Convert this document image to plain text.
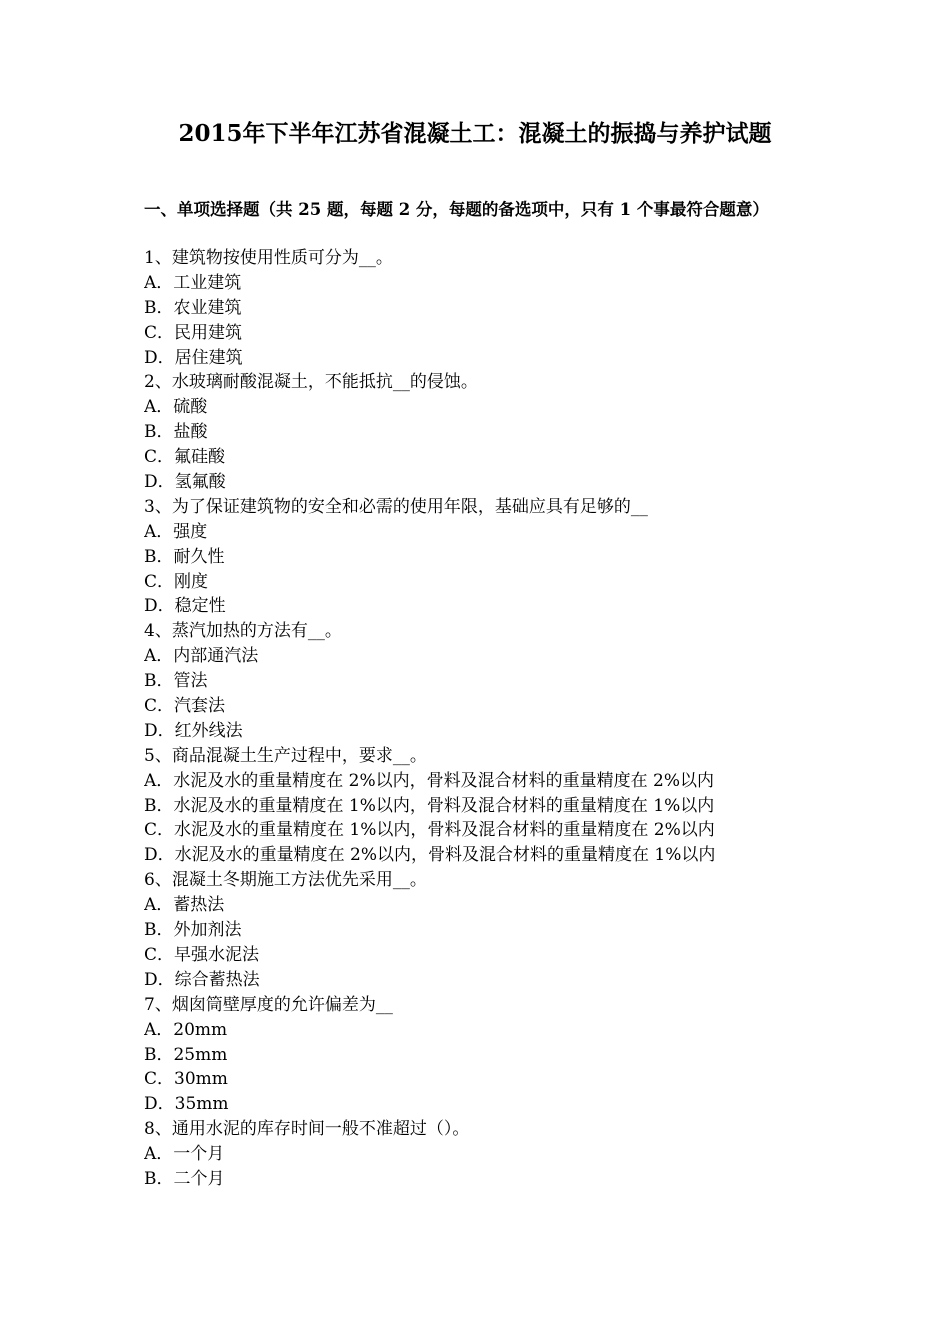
2015年下半年江苏省混凝土工：混凝土的振捣与养护试题
一、单项选择题（共 25 题，每题 2 分，每题的备选项中，只有 1 个事最符合题意）
1、建筑物按使用性质可分为__。
A．工业建筑
B．农业建筑
C．民用建筑
D．居住建筑
2、水玻璃耐酸混凝土，不能抵抗__的侵蚀。
A．硫酸
B．盐酸
C．氟硅酸
D．氢氟酸
3、为了保证建筑物的安全和必需的使用年限，基础应具有足够的__
A．强度
B．耐久性
C．刚度
D．稳定性
4、蒸汽加热的方法有__。
A．内部通汽法
B．管法
C．汽套法
D．红外线法
5、商品混凝土生产过程中，要求__。
A．水泥及水的重量精度在 2%以内，骨料及混合材料的重量精度在 2%以内
B．水泥及水的重量精度在 1%以内，骨料及混合材料的重量精度在 1%以内
C．水泥及水的重量精度在 1%以内，骨料及混合材料的重量精度在 2%以内
D．水泥及水的重量精度在 2%以内，骨料及混合材料的重量精度在 1%以内
6、混凝土冬期施工方法优先采用__。
A．蓄热法
B．外加剂法
C．早强水泥法
D．综合蓄热法
7、烟囱筒壁厚度的允许偏差为__
A．20mm
B．25mm
C．30mm
D．35mm
8、通用水泥的库存时间一般不准超过（）。
A．一个月
B．二个月
